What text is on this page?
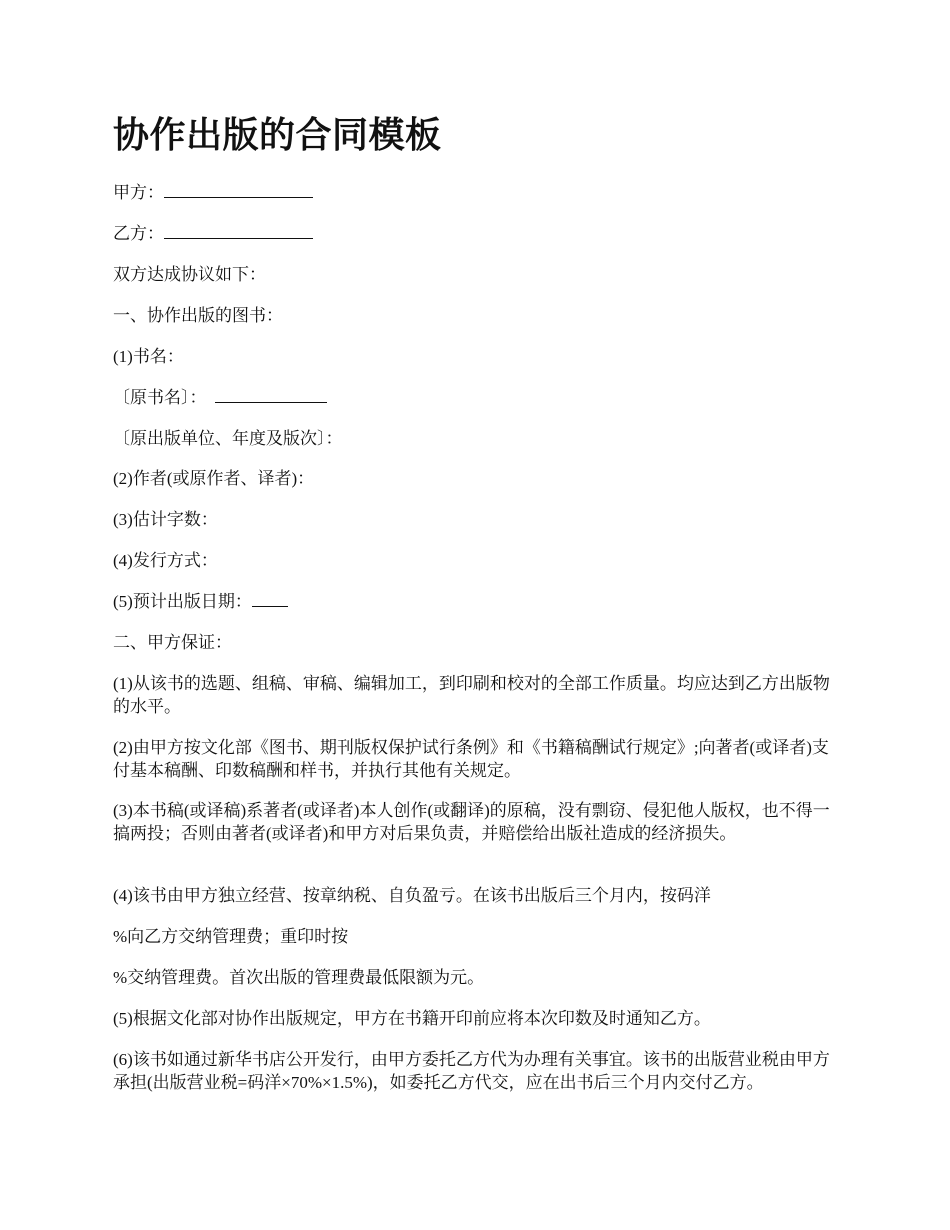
协作出版的合同模板

甲方：

乙方：

双方达成协议如下：

一、协作出版的图书：

(1)书名：

〔原书名〕：

〔原出版单位、年度及版次〕：

(2)作者(或原作者、译者)：

(3)估计字数：

(4)发行方式：

(5)预计出版日期：

二、甲方保证：

(1)从该书的选题、组稿、审稿、编辑加工，到印刷和校对的全部工作质量。均应达到乙方出版物的水平。

(2)由甲方按文化部《图书、期刊版权保护试行条例》和《书籍稿酬试行规定》;向著者(或译者)支付基本稿酬、印数稿酬和样书，并执行其他有关规定。

(3)本书稿(或译稿)系著者(或译者)本人创作(或翻译)的原稿，没有剽窃、侵犯他人版权，也不得一搞两投；否则由著者(或译者)和甲方对后果负责，并赔偿给出版社造成的经济损失。

(4)该书由甲方独立经营、按章纳税、自负盈亏。在该书出版后三个月内，按码洋

%向乙方交纳管理费；重印时按

%交纳管理费。首次出版的管理费最低限额为元。

(5)根据文化部对协作出版规定，甲方在书籍开印前应将本次印数及时通知乙方。

(6)该书如通过新华书店公开发行，由甲方委托乙方代为办理有关事宜。该书的出版营业税由甲方承担(出版营业税=码洋×70%×1.5%)，如委托乙方代交，应在出书后三个月内交付乙方。
